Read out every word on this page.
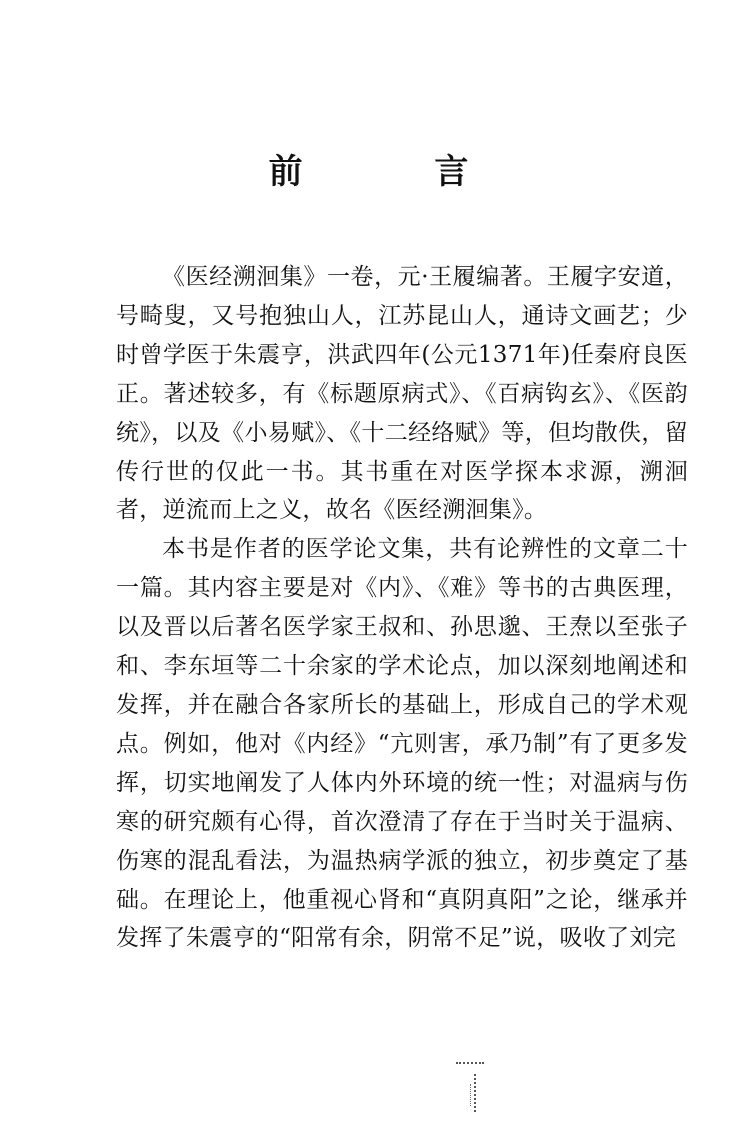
前 言

《医经溯洄集》一卷，元·王履编著。王履字安道，号畸叟，又号抱独山人，江苏昆山人，通诗文画艺；少时曾学医于朱震亨，洪武四年(公元1371年)任秦府良医正。著述较多，有《标题原病式》、《百病钩玄》、《医韵统》，以及《小易赋》、《十二经络赋》等，但均散佚，留传行世的仅此一书。其书重在对医学探本求源，溯洄者，逆流而上之义，故名《医经溯洄集》。

本书是作者的医学论文集，共有论辨性的文章二十一篇。其内容主要是对《内》、《难》等书的古典医理，以及晋以后著名医学家王叔和、孙思邈、王焘以至张子和、李东垣等二十余家的学术论点，加以深刻地阐述和发挥，并在融合各家所长的基础上，形成自己的学术观点。例如，他对《内经》“亢则害，承乃制”有了更多发挥，切实地阐发了人体内外环境的统一性；对温病与伤寒的研究颇有心得，首次澄清了存在于当时关于温病、伤寒的混乱看法，为温热病学派的独立，初步奠定了基础。在理论上，他重视心肾和“真阴真阳”之论，继承并发挥了朱震亨的“阳常有余，阴常不足”说，吸收了刘完
